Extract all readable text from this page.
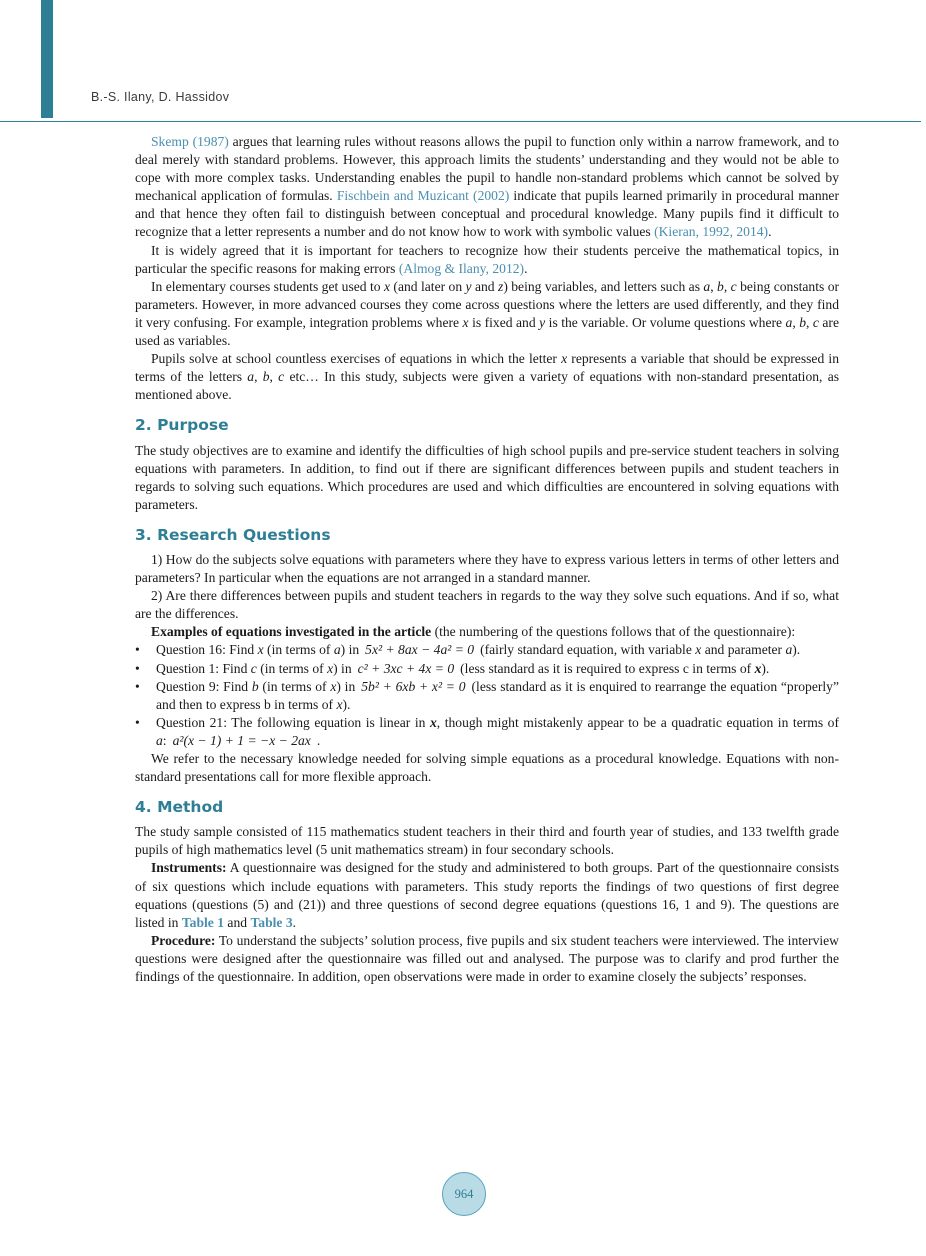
B.-S. Ilany, D. Hassidov

Skemp (1987) argues that learning rules without reasons allows the pupil to function only within a narrow framework, and to deal merely with standard problems. However, this approach limits the students’ understanding and they would not be able to cope with more complex tasks. Understanding enables the pupil to handle non-standard problems which cannot be solved by mechanical application of formulas. Fischbein and Muzicant (2002) indicate that pupils learned primarily in procedural manner and that hence they often fail to distinguish between conceptual and procedural knowledge. Many pupils find it difficult to recognize that a letter represents a number and do not know how to work with symbolic values (Kieran, 1992, 2014).

It is widely agreed that it is important for teachers to recognize how their students perceive the mathematical topics, in particular the specific reasons for making errors (Almog & Ilany, 2012).

In elementary courses students get used to x (and later on y and z) being variables, and letters such as a, b, c being constants or parameters. However, in more advanced courses they come across questions where the letters are used differently, and they find it very confusing. For example, integration problems where x is fixed and y is the variable. Or volume questions where a, b, c are used as variables.

Pupils solve at school countless exercises of equations in which the letter x represents a variable that should be expressed in terms of the letters a, b, c etc… In this study, subjects were given a variety of equations with non-standard presentation, as mentioned above.

2. Purpose

The study objectives are to examine and identify the difficulties of high school pupils and pre-service student teachers in solving equations with parameters. In addition, to find out if there are significant differences between pupils and student teachers in regards to solving such equations. Which procedures are used and which difficulties are encountered in solving equations with parameters.

3. Research Questions

1) How do the subjects solve equations with parameters where they have to express various letters in terms of other letters and parameters? In particular when the equations are not arranged in a standard manner.

2) Are there differences between pupils and student teachers in regards to the way they solve such equations. And if so, what are the differences.

Examples of equations investigated in the article (the numbering of the questions follows that of the questionnaire):

• Question 16: Find x (in terms of a) in 5x² + 8ax − 4a² = 0 (fairly standard equation, with variable x and parameter a).
• Question 1: Find c (in terms of x) in c² + 3xc + 4x = 0 (less standard as it is required to express c in terms of x).
• Question 9: Find b (in terms of x) in 5b² + 6xb + x² = 0 (less standard as it is enquired to rearrange the equation “properly” and then to express b in terms of x).
• Question 21: The following equation is linear in x, though might mistakenly appear to be a quadratic equation in terms of a: a²(x − 1) + 1 = −x − 2ax .

We refer to the necessary knowledge needed for solving simple equations as a procedural knowledge. Equations with non-standard presentations call for more flexible approach.

4. Method

The study sample consisted of 115 mathematics student teachers in their third and fourth year of studies, and 133 twelfth grade pupils of high mathematics level (5 unit mathematics stream) in four secondary schools.

Instruments: A questionnaire was designed for the study and administered to both groups. Part of the questionnaire consists of six questions which include equations with parameters. This study reports the findings of two questions of first degree equations (questions (5) and (21)) and three questions of second degree equations (questions 16, 1 and 9). The questions are listed in Table 1 and Table 3.

Procedure: To understand the subjects’ solution process, five pupils and six student teachers were interviewed. The interview questions were designed after the questionnaire was filled out and analysed. The purpose was to clarify and prod further the findings of the questionnaire. In addition, open observations were made in order to examine closely the subjects’ responses.

964
